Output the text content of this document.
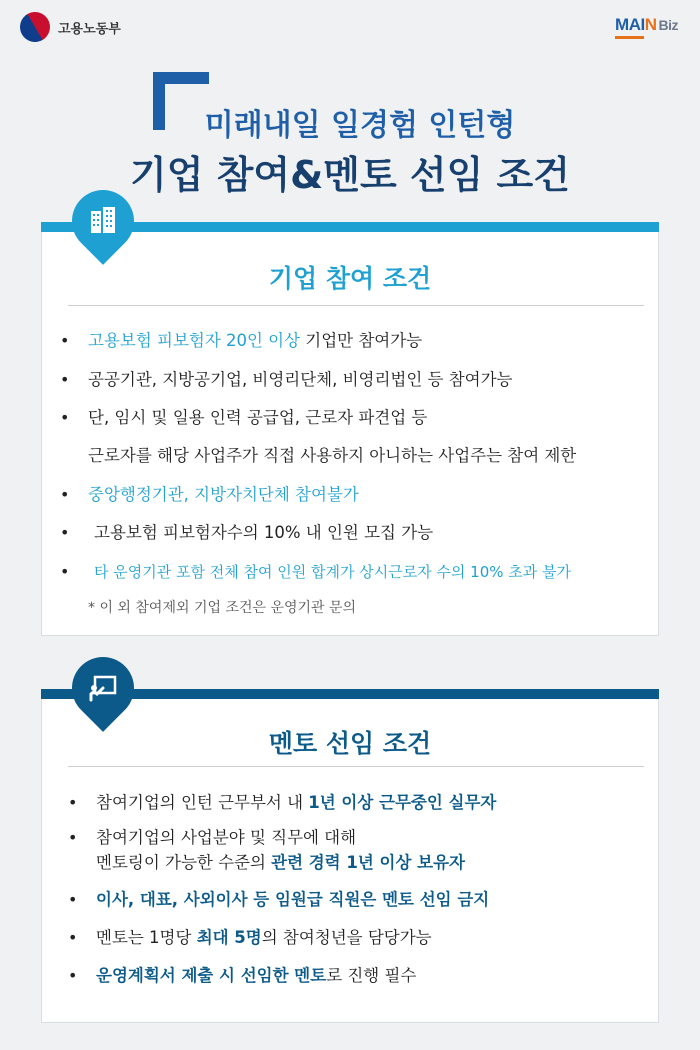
고용노동부	MAIN Biz
미래내일 일경험 인턴형
기업 참여&멘토 선임 조건
기업 참여 조건
• 고용보험 피보험자 20인 이상 기업만 참여가능
• 공공기관, 지방공기업, 비영리단체, 비영리법인 등 참여가능
• 단, 임시 및 일용 인력 공급업, 근로자 파견업 등
근로자를 해당 사업주가 직접 사용하지 아니하는 사업주는 참여 제한
• 중앙행정기관, 지방자치단체 참여불가
• 고용보험 피보험자수의 10% 내 인원 모집 가능
• 타 운영기관 포함 전체 참여 인원 합계가 상시근로자 수의 10% 초과 불가
* 이 외 참여제외 기업 조건은 운영기관 문의
멘토 선임 조건
• 참여기업의 인턴 근무부서 내 1년 이상 근무중인 실무자
• 참여기업의 사업분야 및 직무에 대해
멘토링이 가능한 수준의 관련 경력 1년 이상 보유자
• 이사, 대표, 사외이사 등 임원급 직원은 멘토 선임 금지
• 멘토는 1명당 최대 5명의 참여청년을 담당가능
• 운영계획서 제출 시 선임한 멘토로 진행 필수
